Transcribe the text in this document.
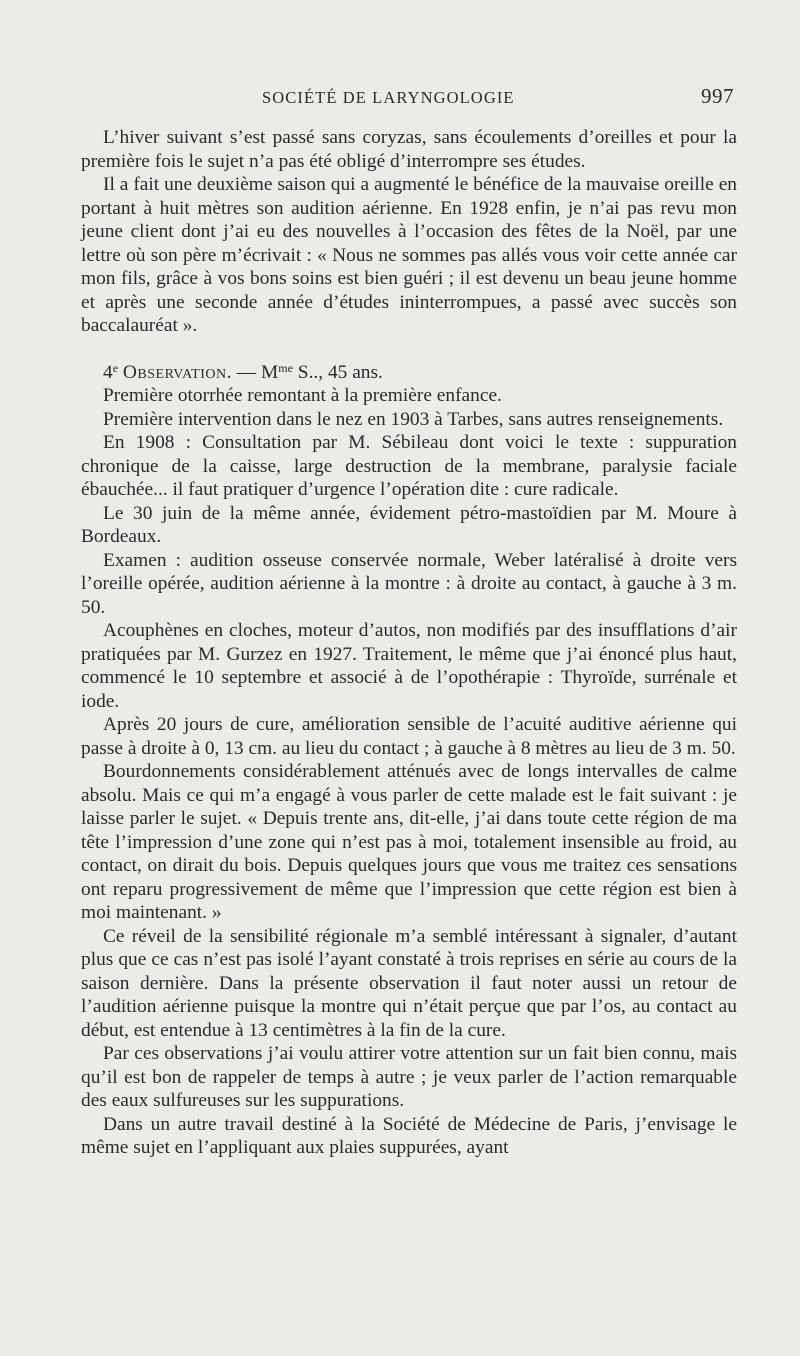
SOCIÉTÉ DE LARYNGOLOGIE	997

L’hiver suivant s’est passé sans coryzas, sans écoulements d’oreilles et pour la première fois le sujet n’a pas été obligé d’interrompre ses études.

Il a fait une deuxième saison qui a augmenté le bénéfice de la mauvaise oreille en portant à huit mètres son audition aérienne. En 1928 enfin, je n’ai pas revu mon jeune client dont j’ai eu des nouvelles à l’occasion des fêtes de la Noël, par une lettre où son père m’écrivait : « Nous ne sommes pas allés vous voir cette année car mon fils, grâce à vos bons soins est bien guéri ; il est devenu un beau jeune homme et après une seconde année d’études ininterrompues, a passé avec succès son baccalauréat ».

4e Observation. — $M^{me}$ S.., 45 ans.

Première otorrhée remontant à la première enfance.

Première intervention dans le nez en 1903 à Tarbes, sans autres renseignements.

En 1908 : Consultation par M. Sébileau dont voici le texte : suppuration chronique de la caisse, large destruction de la membrane, paralysie faciale ébauchée... il faut pratiquer d’urgence l’opération dite : cure radicale.

Le 30 juin de la même année, évidement pétro-mastoïdien par M. Moure à Bordeaux.

Examen : audition osseuse conservée normale, Weber latéralisé à droite vers l’oreille opérée, audition aérienne à la montre : à droite au contact, à gauche à 3 m. 50.

Acouphènes en cloches, moteur d’autos, non modifiés par des insufflations d’air pratiquées par M. Gurzez en 1927. Traitement, le même que j’ai énoncé plus haut, commencé le 10 septembre et associé à de l’opothérapie : Thyroïde, surrénale et iode.

Après 20 jours de cure, amélioration sensible de l’acuité auditive aérienne qui passe à droite à 0, 13 cm. au lieu du contact ; à gauche à 8 mètres au lieu de 3 m. 50.

Bourdonnements considérablement atténués avec de longs intervalles de calme absolu. Mais ce qui m’a engagé à vous parler de cette malade est le fait suivant : je laisse parler le sujet. « Depuis trente ans, dit-elle, j’ai dans toute cette région de ma tête l’impression d’une zone qui n’est pas à moi, totalement insensible au froid, au contact, on dirait du bois. Depuis quelques jours que vous me traitez ces sensations ont reparu progressivement de même que l’impression que cette région est bien à moi maintenant. »

Ce réveil de la sensibilité régionale m’a semblé intéressant à signaler, d’autant plus que ce cas n’est pas isolé l’ayant constaté à trois reprises en série au cours de la saison dernière. Dans la présente observation il faut noter aussi un retour de l’audition aérienne puisque la montre qui n’était perçue que par l’os, au contact au début, est entendue à 13 centimètres à la fin de la cure.

Par ces observations j’ai voulu attirer votre attention sur un fait bien connu, mais qu’il est bon de rappeler de temps à autre ; je veux parler de l’action remarquable des eaux sulfureuses sur les suppurations.

Dans un autre travail destiné à la Société de Médecine de Paris, j’envisage le même sujet en l’appliquant aux plaies suppurées, ayant
